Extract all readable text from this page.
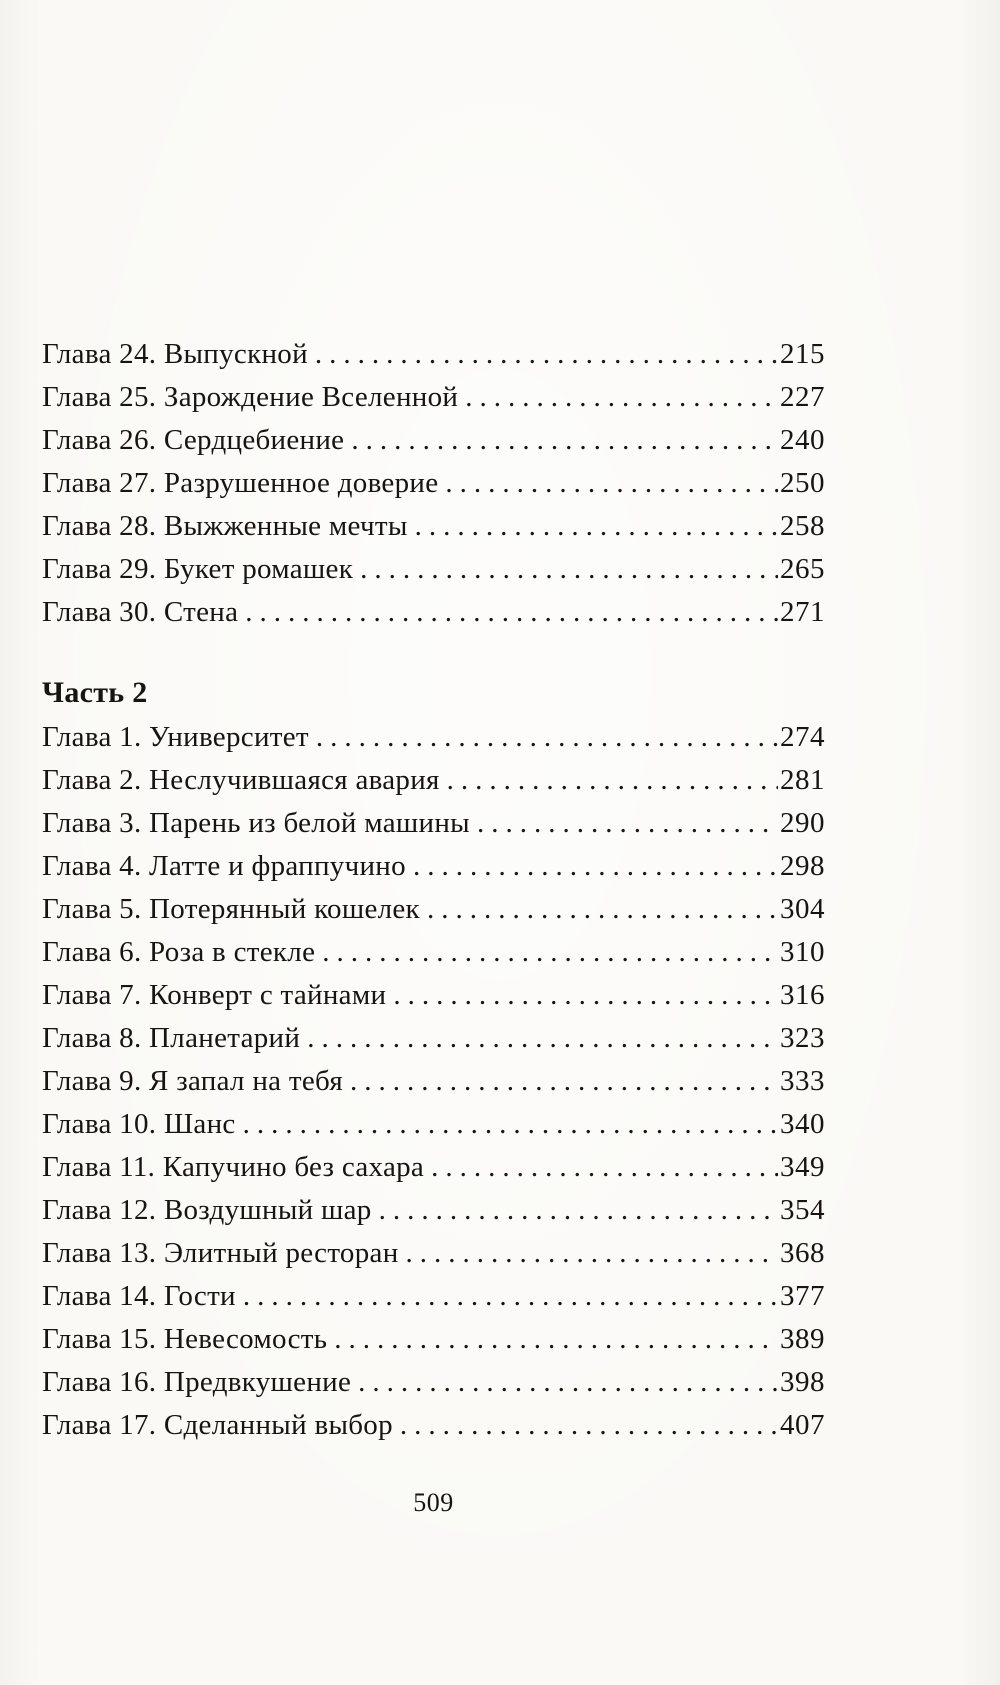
Глава 24. Выпускной .....	215
Глава 25. Зарождение Вселенной .....	227
Глава 26. Сердцебиение .....	240
Глава 27. Разрушенное доверие .....	250
Глава 28. Выжженные мечты .....	258
Глава 29. Букет ромашек .....	265
Глава 30. Стена .....	271
Часть 2
Глава 1. Университет .....	274
Глава 2. Неслучившаяся авария .....	281
Глава 3. Парень из белой машины .....	290
Глава 4. Латте и фраппучино .....	298
Глава 5. Потерянный кошелек .....	304
Глава 6. Роза в стекле .....	310
Глава 7. Конверт с тайнами .....	316
Глава 8. Планетарий .....	323
Глава 9. Я запал на тебя .....	333
Глава 10. Шанс .....	340
Глава 11. Капучино без сахара .....	349
Глава 12. Воздушный шар .....	354
Глава 13. Элитный ресторан .....	368
Глава 14. Гости .....	377
Глава 15. Невесомость .....	389
Глава 16. Предвкушение .....	398
Глава 17. Сделанный выбор .....	407
509
